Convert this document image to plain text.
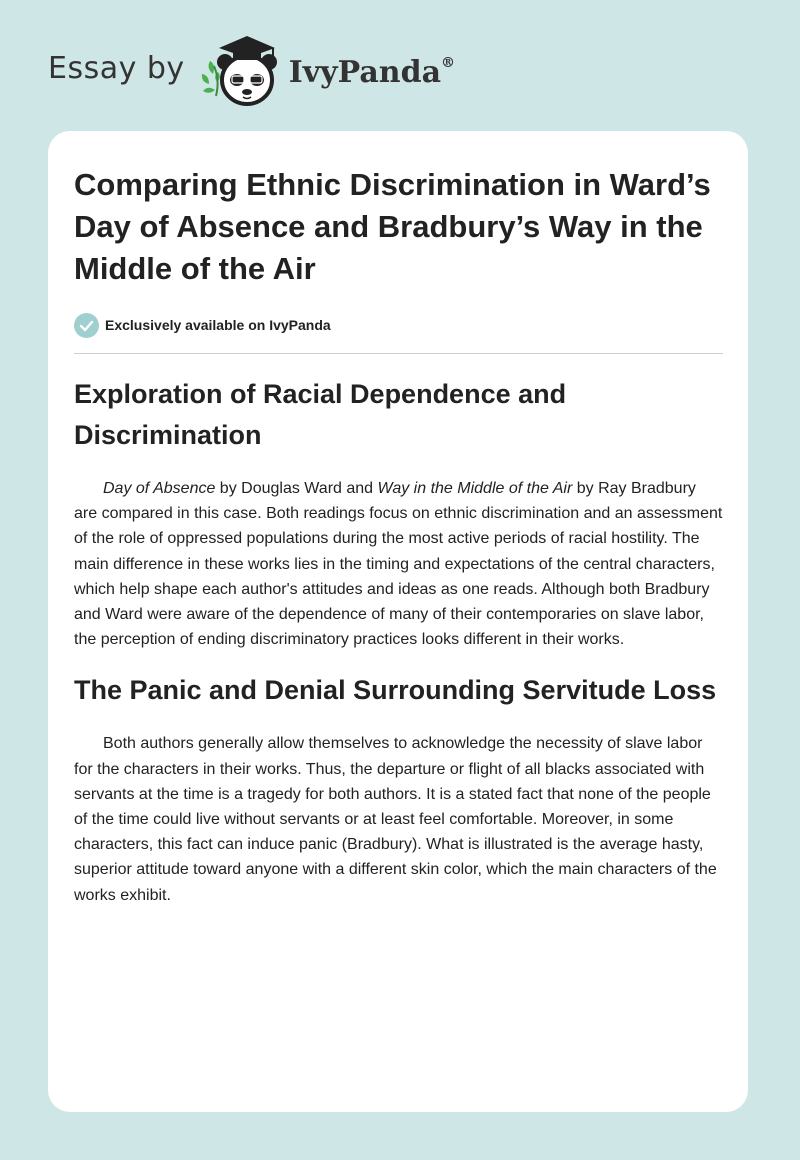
Essay by	IvyPanda®
Comparing Ethnic Discrimination in Ward’s Day of Absence and Bradbury’s Way in the Middle of the Air
Exclusively available on IvyPanda
Exploration of Racial Dependence and Discrimination

Day of Absence by Douglas Ward and Way in the Middle of the Air by Ray Bradbury are compared in this case. Both readings focus on ethnic discrimination and an assessment of the role of oppressed populations during the most active periods of racial hostility. The main difference in these works lies in the timing and expectations of the central characters, which help shape each author's attitudes and ideas as one reads. Although both Bradbury and Ward were aware of the dependence of many of their contemporaries on slave labor, the perception of ending discriminatory practices looks different in their works.

The Panic and Denial Surrounding Servitude Loss

Both authors generally allow themselves to acknowledge the necessity of slave labor for the characters in their works. Thus, the departure or flight of all blacks associated with servants at the time is a tragedy for both authors. It is a stated fact that none of the people of the time could live without servants or at least feel comfortable. Moreover, in some characters, this fact can induce panic (Bradbury). What is illustrated is the average hasty, superior attitude toward anyone with a different skin color, which the main characters of the works exhibit.
